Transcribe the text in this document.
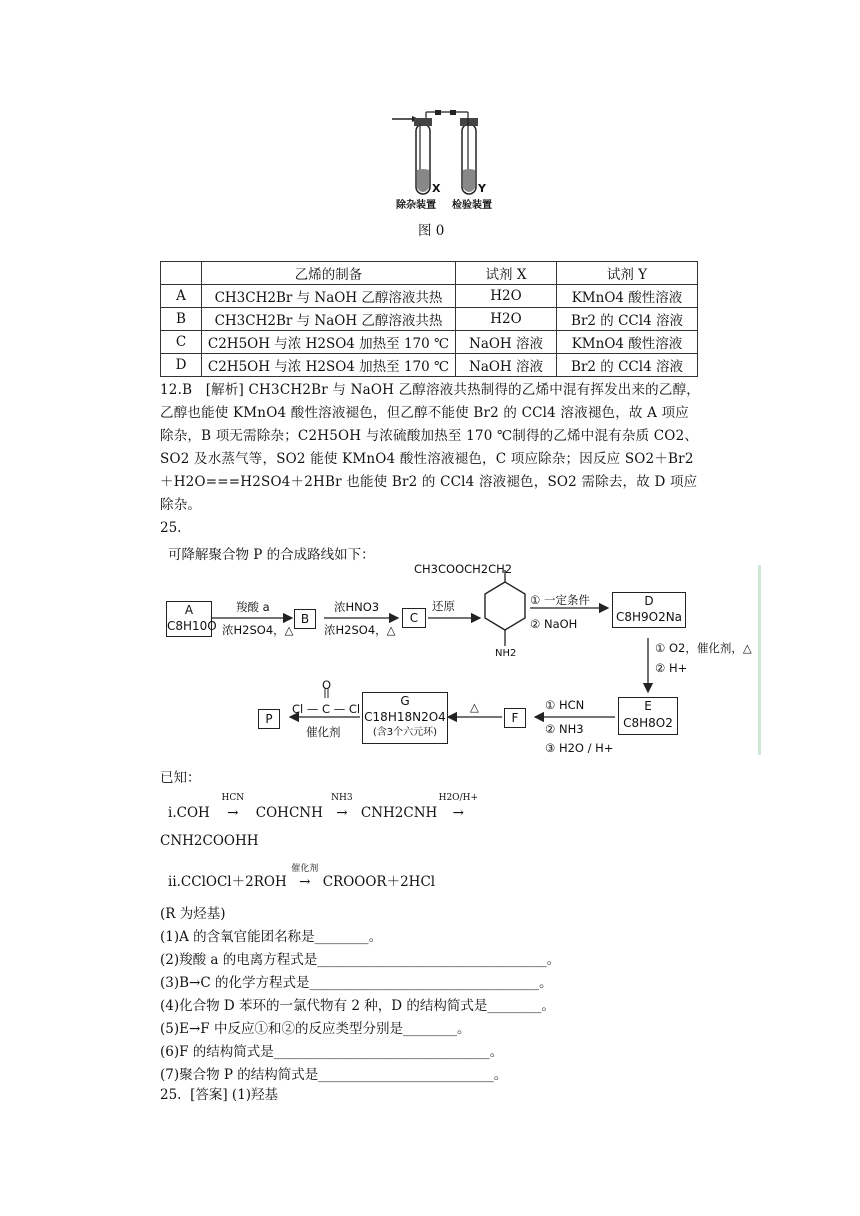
X	Y
除杂装置 检验装置
图 0
	乙烯的制备	试剂 X	试剂 Y
A	CH3CH2Br 与 NaOH 乙醇溶液共热	H2O	KMnO4 酸性溶液
B	CH3CH2Br 与 NaOH 乙醇溶液共热	H2O	Br2 的 CCl4 溶液
C	C2H5OH 与浓 H2SO4 加热至 170 ℃	NaOH 溶液	KMnO4 酸性溶液
D	C2H5OH 与浓 H2SO4 加热至 170 ℃	NaOH 溶液	Br2 的 CCl4 溶液
12.B [解析] CH3CH2Br 与 NaOH 乙醇溶液共热制得的乙烯中混有挥发出来的乙醇，乙醇也能使 KMnO4 酸性溶液褪色，但乙醇不能使 Br2 的 CCl4 溶液褪色，故 A 项应除杂，B 项无需除杂；C2H5OH 与浓硫酸加热至 170 ℃制得的乙烯中混有杂质 CO2、SO2 及水蒸气等，SO2 能使 KMnO4 酸性溶液褪色，C 项应除杂；因反应 SO2＋Br2＋H2O===H2SO4＋2HBr 也能使 Br2 的 CCl4 溶液褪色，SO2 需除去，故 D 项应除杂。
25.
可降解聚合物 P 的合成路线如下：
A
C8H10O
羧酸 a
浓H2SO4，△
B
浓HNO3
浓H2SO4，△
C
还原
CH3COOCH2CH2
NH2
① 一定条件
② NaOH
D
C8H9O2Na
① O2，催化剂，△
② H+
E
C8H8O2
① HCN
② NH3
③ H2O / H+
F
△
G
C18H18N2O4
(含3个六元环)
O
Cl — C — Cl
催化剂
P
已知：
ⅰ.COH
HCN
→ COHCNH
NH3
→ CNH2CNH
H2O/H+
→
CNH2COOHH
ⅱ.CClOCl＋2ROH
催化剂
→ CROOOR＋2HCl
(R 为烃基)
(1)A 的含氧官能团名称是________。
(2)羧酸 a 的电离方程式是__________________________________。
(3)B→C 的化学方程式是__________________________________。
(4)化合物 D 苯环的一氯代物有 2 种，D 的结构简式是________。
(5)E→F 中反应①和②的反应类型分别是________。
(6)F 的结构简式是________________________________。
(7)聚合物 P 的结构简式是__________________________。
25. [答案] (1)羟基
